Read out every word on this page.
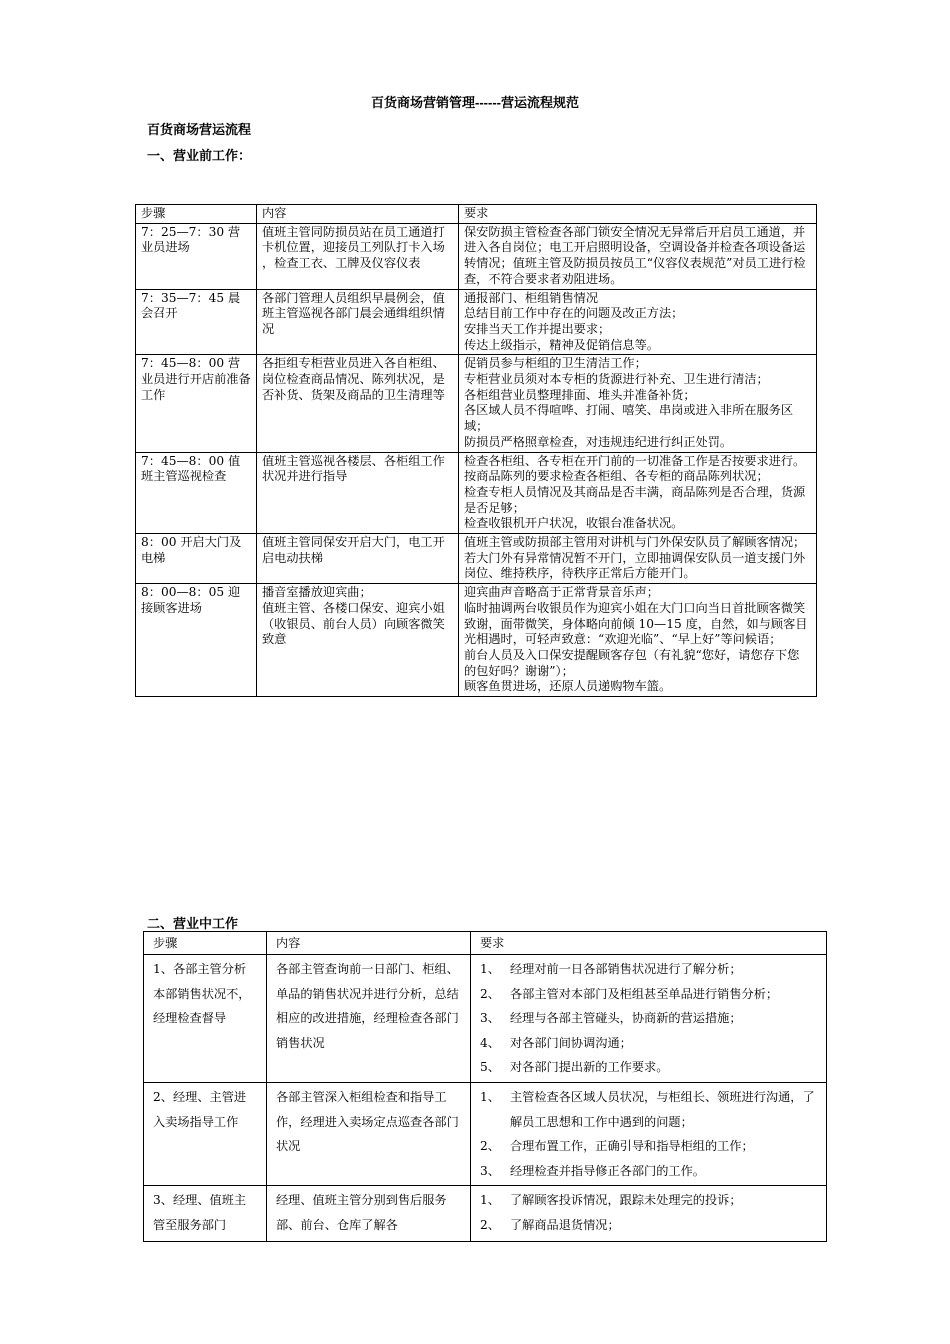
百货商场营销管理------营运流程规范
百货商场营运流程
一、营业前工作：
步骤	内容	要求
7：25—7：30 营业员进场	值班主管同防损员站在员工通道打卡机位置，迎接员工列队打卡入场 ，检查工衣、工牌及仪容仪表	保安防损主管检查各部门锁安全情况无异常后开启员工通道，并进入各自岗位；电工开启照明设备，空调设备并检查各项设备运转情况；值班主管及防损员按员工“仪容仪表规范”对员工进行检查，不符合要求者劝阻进场。

7：35—7：45 晨会召开	各部门管理人员组织早晨例会，值班主管巡视各部门晨会通缉组织情况	通报部门、柜组销售情况
总结目前工作中存在的问题及改正方法；
安排当天工作并提出要求；
传达上级指示，精神及促销信息等。

7：45—8：00 营业员进行开店前准备工作	各拒组专柜营业员进入各自柜组、岗位检查商品情况、陈列状况，是否补货、货架及商品的卫生清理等	促销员参与柜组的卫生清洁工作；
专柜营业员须对本专柜的货源进行补充、卫生进行清洁；
各柜组营业员整理排面、堆头并准备补货；
各区域人员不得喧哗、打闹、嘻笑、串岗或进入非所在服务区域；
防损员严格照章检查，对违规违纪进行纠正处罚。

7：45—8：00 值班主管巡视检查	值班主管巡视各楼层、各柜组工作状况并进行指导	检查各柜组、各专柜在开门前的一切准备工作是否按要求进行。
按商品陈列的要求检查各柜组、各专柜的商品陈列状况；
检查专柜人员情况及其商品是否丰满，商品陈列是否合理，货源是否足够；
检查收银机开户状况，收银台准备状况。

8：00 开启大门及电梯	值班主管同保安开启大门，电工开启电动扶梯	值班主管或防损部主管用对讲机与门外保安队员了解顾客情况；
若大门外有异常情况暂不开门，立即抽调保安队员一道支援门外岗位、维持秩序，待秩序正常后方能开门。

8：00—8：05 迎接顾客进场	播音室播放迎宾曲；
值班主管、各楼口保安、迎宾小姐（收银员、前台人员）向顾客微笑致意	迎宾曲声音略高于正常背景音乐声；
临时抽调两台收银员作为迎宾小姐在大门口向当日首批顾客微笑致谢，面带微笑，身体略向前倾 10—15 度，自然，如与顾客目光相遇时，可轻声致意：“欢迎光临”、“早上好”等问候语；
前台人员及入口保安提醒顾客存包（有礼貌“您好，请您存下您的包好吗？谢谢”）；
顾客鱼贯进场，还原人员递购物车篮。
二、营业中工作
步骤	内容	要求

1、各部主管分析本部销售状况不，经理检查督导	各部主管查询前一日部门、柜组、单品的销售状况并进行分析，总结相应的改进措施，经理检查各部门销售状况	1、 经理对前一日各部销售状况进行了解分析；
2、 各部主管对本部门及柜组甚至单品进行销售分析；
3、 经理与各部主管碰头，协商新的营运措施；
4、 对各部门间协调沟通；
5、 对各部门提出新的工作要求。

2、经理、主管进入卖场指导工作	各部主管深入柜组检查和指导工作，经理进入卖场定点巡查各部门状况	1、 主管检查各区域人员状况，与柜组长、领班进行沟通，了解员工思想和工作中遇到的问题；
2、 合理布置工作，正确引导和指导柜组的工作；
3、 经理检查并指导修正各部门的工作。

3、经理、值班主管至服务部门	经理、值班主管分别到售后服务部、前台、仓库了解各	1、 了解顾客投诉情况，跟踪未处理完的投诉；
2、 了解商品退货情况；
